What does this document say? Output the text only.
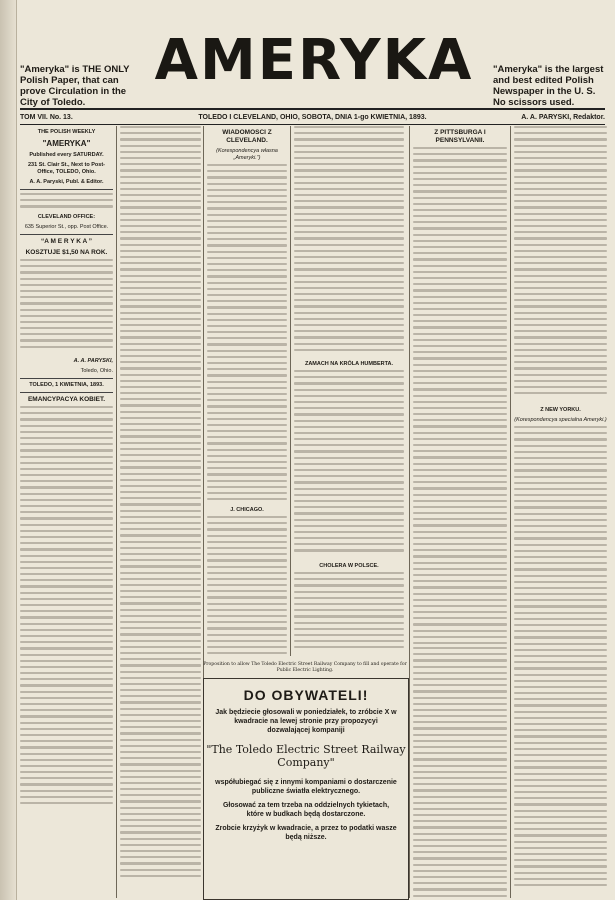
"Ameryka" is THE ONLY Polish Paper, that can prove Circulation in the City of Toledo.
AMERYKA	"Ameryka" is the largest and best edited Polish Newspaper in the U. S. No scissors used.
TOM VII. No. 13.	TOLEDO I CLEVELAND, OHIO, SOBOTA, DNIA 1-go KWIETNIA, 1893.	A. A. PARYSKI, Redaktor.
THE POLISH WEEKLY
"AMERYKA"
Published every SATURDAY.
231 St. Clair St., Next to Post-Office, TOLEDO, Ohio.
A. A. Paryski, Publ. & Editor.
CLEVELAND OFFICE:
635 Superior St., opp. Post Office.
“A M E R Y K A ”
KOSZTUJE $1,50 NA ROK.
A. A. PARYSKI,
Toledo, Ohio.
TOLEDO, 1 KWIETNIA, 1893.
EMANCYPACYA KOBIET.
WIADOMOSCI Z CLEVELAND.
(Korespondencya własna „Ameryki.”)
J. CHICAGO.
ZAMACH NA KRÓLA HUMBERTA.
CHOLERA W POLSCE.
Z PITTSBURGA I PENNSYLVANII.
Z NEW YORKU.
(Korespondencya specialna Ameryki.)
Proposition to allow The Toledo Electric Street Railway Company to fill and operate for Public Electric Lighting.
DO OBYWATELI!
Jak będziecie głosowali w poniedziałek, to zróbcie X w kwadracie na lewej stronie przy propozycyi dozwalającej kompaniji
"The Toledo Electric Street Railway Company"
współubiegać się z innymi kompaniami o dostarczenie publiczne światła elektrycznego.
Głosować za tem trzeba na oddzielnych tykietach, które w budkach będą dostarczone.
Zrobcie krzyżyk w kwadracie, a przez to podatki wasze będą niższe.
